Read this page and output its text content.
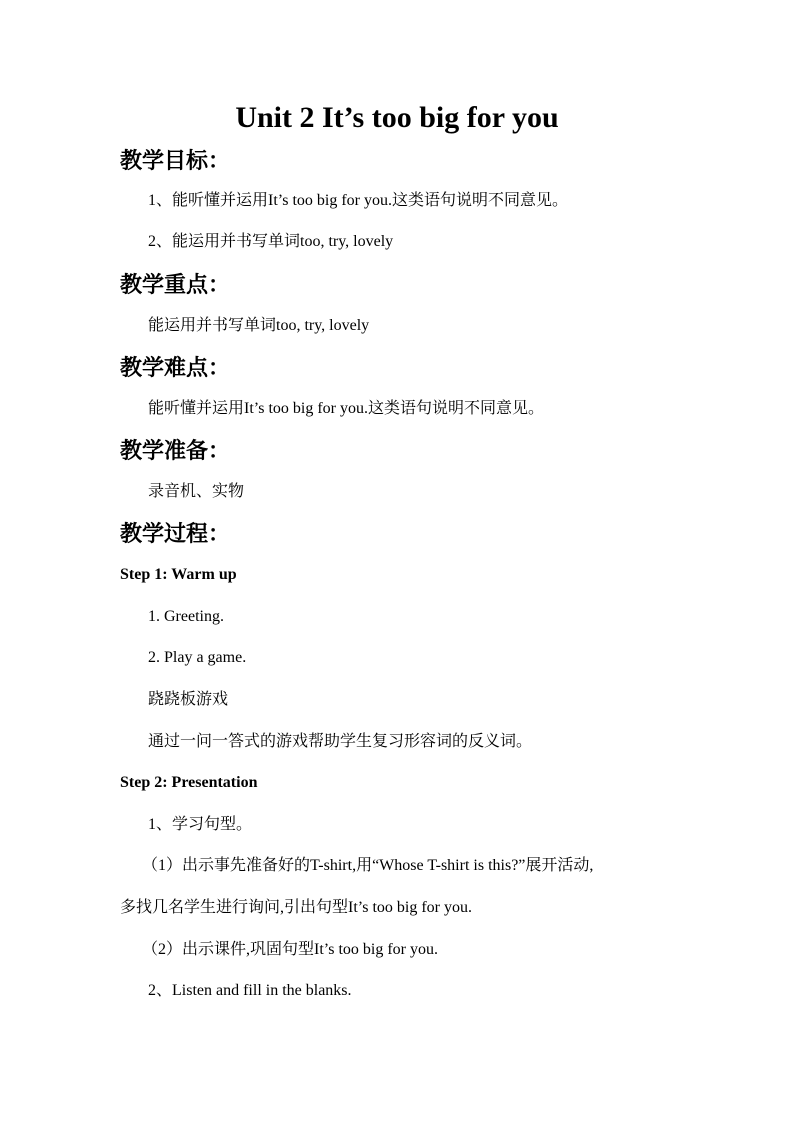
Unit 2 It’s too big for you
教学目标：
1、能听懂并运用It’s too big for you.这类语句说明不同意见。
2、能运用并书写单词too, try, lovely
教学重点：
能运用并书写单词too, try, lovely
教学难点：
能听懂并运用It’s too big for you.这类语句说明不同意见。
教学准备：
录音机、实物
教学过程：
Step 1: Warm up
1. Greeting.
2. Play a game.
跷跷板游戏
通过一问一答式的游戏帮助学生复习形容词的反义词。
Step 2: Presentation
1、学习句型。
（1）出示事先准备好的T-shirt,用“Whose T-shirt is this?”展开活动,
多找几名学生进行询问,引出句型It’s too big for you.
（2）出示课件,巩固句型It’s too big for you.
2、Listen and fill in the blanks.
